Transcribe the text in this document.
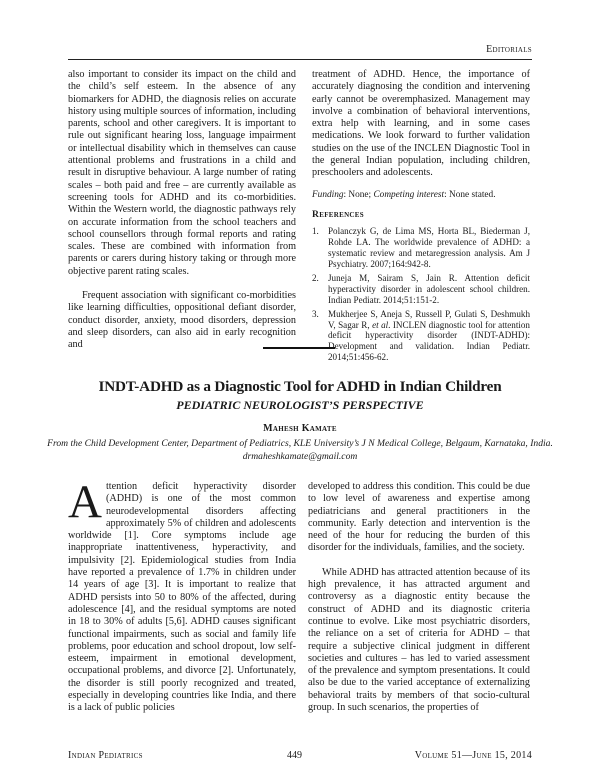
Editorials

also important to consider its impact on the child and the child’s self esteem. In the absence of any biomarkers for ADHD, the diagnosis relies on accurate history using multiple sources of information, including parents, school and other caregivers. It is important to rule out significant hearing loss, language impairment or intellectual disability which in themselves can cause attentional problems and frustrations in a child and result in disruptive behaviour. A large number of rating scales – both paid and free – are currently available as screening tools for ADHD and its co-morbidities. Within the Western world, the diagnostic pathways rely on accurate information from the school teachers and school counsellors through formal reports and rating scales. These are combined with information from parents or carers during history taking or through more objective parent rating scales.

Frequent association with significant co-morbidities like learning difficulties, oppositional defiant disorder, conduct disorder, anxiety, mood disorders, depression and sleep disorders, can also aid in early recognition and

treatment of ADHD. Hence, the importance of accurately diagnosing the condition and intervening early cannot be overemphasized. Management may involve a combination of behavioral interventions, extra help with learning, and in some cases medications. We look forward to further validation studies on the use of the INCLEN Diagnostic Tool in the general Indian population, including children, preschoolers and adolescents.

Funding: None; Competing interest: None stated.

References

1.	Polanczyk G, de Lima MS, Horta BL, Biederman J, Rohde LA. The worldwide prevalence of ADHD: a systematic review and metaregression analysis. Am J Psychiatry. 2007;164:942-8.
2.	Juneja M, Sairam S, Jain R. Attention deficit hyperactivity disorder in adolescent school children. Indian Pediatr. 2014;51:151-2.
3.	Mukherjee S, Aneja S, Russell P, Gulati S, Deshmukh V, Sagar R, et al. INCLEN diagnostic tool for attention deficit hyperactivity disorder (INDT-ADHD): Development and validation. Indian Pediatr. 2014;51:456-62.
INDT-ADHD as a Diagnostic Tool for ADHD in Indian Children
PEDIATRIC NEUROLOGIST’S PERSPECTIVE
Mahesh Kamate
From the Child Development Center, Department of Pediatrics, KLE University’s J N Medical College, Belgaum, Karnataka, India.
drmaheshkamate@gmail.com

Attention deficit hyperactivity disorder (ADHD) is one of the most common neurodevelopmental disorders affecting approximately 5% of children and adolescents worldwide [1]. Core symptoms include age inappropriate inattentiveness, hyperactivity, and impulsivity [2]. Epidemiological studies from India have reported a prevalence of 1.7% in children under 14 years of age [3]. It is important to realize that ADHD persists into 50 to 80% of the affected, during adolescence [4], and the residual symptoms are noted in 18 to 30% of adults [5,6]. ADHD causes significant functional impairments, such as social and family life problems, poor education and school dropout, low self-esteem, impairment in emotional development, occupational problems, and divorce [2]. Unfortunately, the disorder is still poorly recognized and treated, especially in developing countries like India, and there is a lack of public policies

developed to address this condition. This could be due to low level of awareness and expertise among pediatricians and general practitioners in the community. Early detection and intervention is the need of the hour for reducing the burden of this disorder for the individuals, families, and the society.

While ADHD has attracted attention because of its high prevalence, it has attracted argument and controversy as a diagnostic entity because the construct of ADHD and its diagnostic criteria continue to evolve. Like most psychiatric disorders, the reliance on a set of criteria for ADHD – that require a subjective clinical judgment in different societies and cultures – has led to varied assessment of the prevalence and symptom presentations. It could also be due to the varied acceptance of externalizing behavioral traits by members of that socio-cultural group. In such scenarios, the properties of

Indian Pediatrics	449	Volume 51—June 15, 2014
